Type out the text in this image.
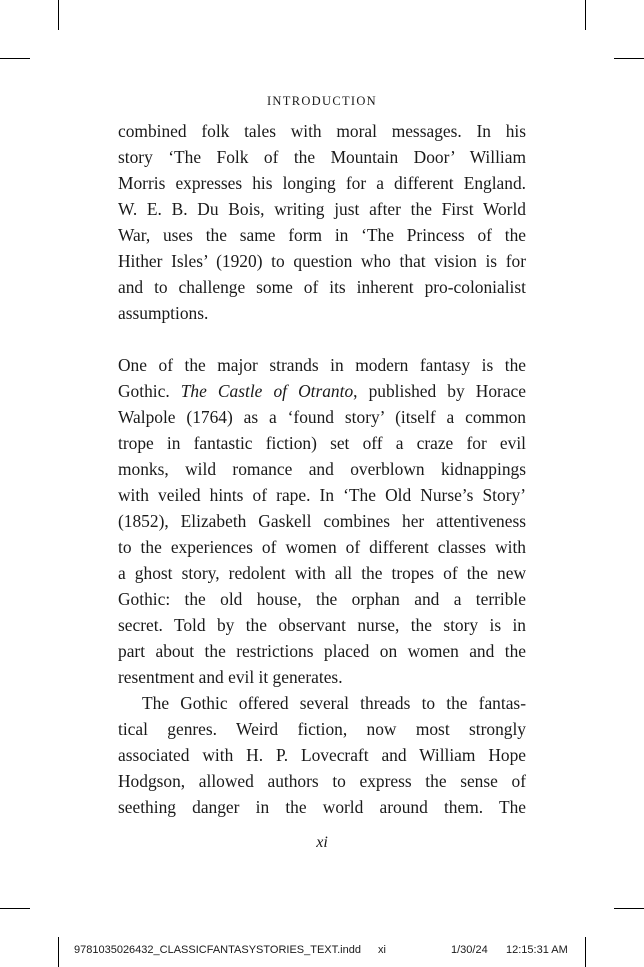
INTRODUCTION
combined folk tales with moral messages. In his
story ‘The Folk of the Mountain Door’ William
Morris expresses his longing for a different England.
W. E. B. Du Bois, writing just after the First World
War, uses the same form in ‘The Princess of the
Hither Isles’ (1920) to question who that vision is for
and to challenge some of its inherent pro-colonialist
assumptions.
One of the major strands in modern fantasy is the
Gothic. The Castle of Otranto, published by Horace
Walpole (1764) as a ‘found story’ (itself a common
trope in fantastic fiction) set off a craze for evil
monks, wild romance and overblown kidnappings
with veiled hints of rape. In ‘The Old Nurse’s Story’
(1852), Elizabeth Gaskell combines her attentiveness
to the experiences of women of different classes with
a ghost story, redolent with all the tropes of the new
Gothic: the old house, the orphan and a terrible
secret. Told by the observant nurse, the story is in
part about the restrictions placed on women and the
resentment and evil it generates.
The Gothic offered several threads to the fantas-
tical genres. Weird fiction, now most strongly
associated with H. P. Lovecraft and William Hope
Hodgson, allowed authors to express the sense of
seething danger in the world around them. The
xi
9781035026432_CLASSICFANTASYSTORIES_TEXT.indd xi	1/30/24 12:15:31 AM
